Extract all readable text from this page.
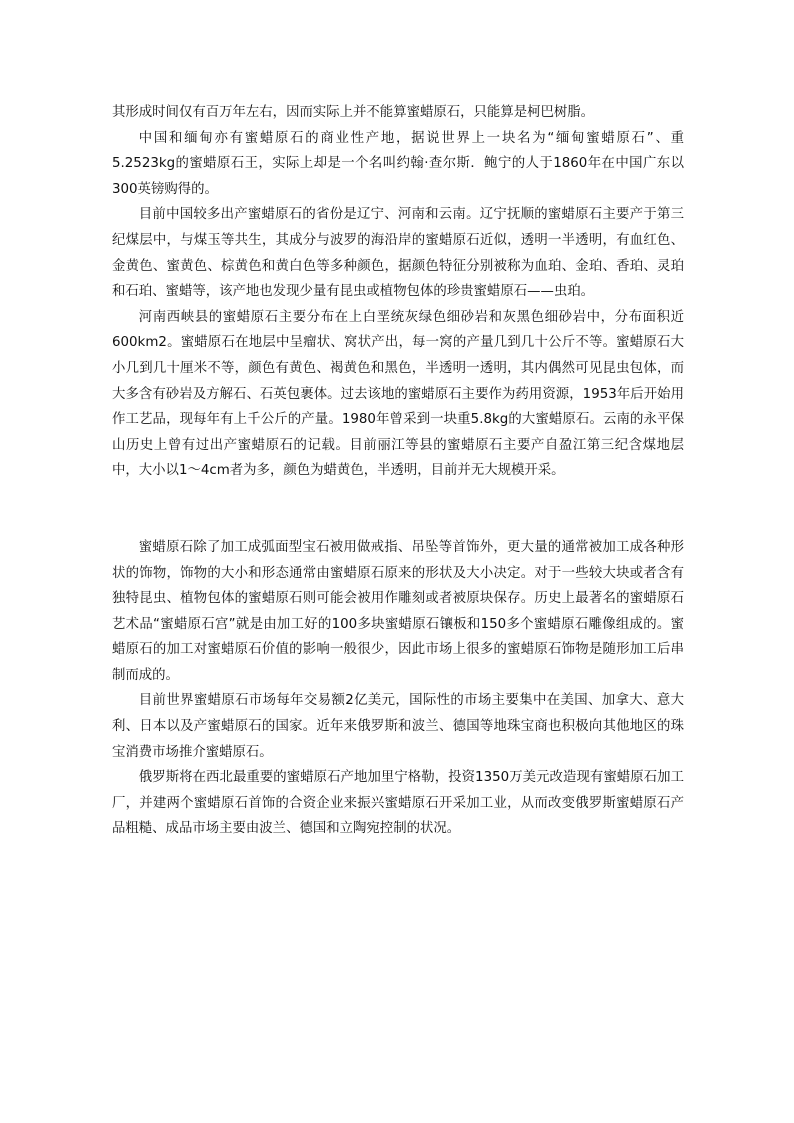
其形成时间仅有百万年左右，因而实际上并不能算蜜蜡原石，只能算是柯巴树脂。

中国和缅甸亦有蜜蜡原石的商业性产地，据说世界上一块名为“缅甸蜜蜡原石”、重5.2523kg的蜜蜡原石王，实际上却是一个名叫约翰·查尔斯．鲍宁的人于1860年在中国广东以300英镑购得的。

目前中国较多出产蜜蜡原石的省份是辽宁、河南和云南。辽宁抚顺的蜜蜡原石主要产于第三纪煤层中，与煤玉等共生，其成分与波罗的海沿岸的蜜蜡原石近似，透明一半透明，有血红色、金黄色、蜜黄色、棕黄色和黄白色等多种颜色，据颜色特征分别被称为血珀、金珀、香珀、灵珀和石珀、蜜蜡等，该产地也发现少量有昆虫或植物包体的珍贵蜜蜡原石——虫珀。

河南西峡县的蜜蜡原石主要分布在上白垩统灰绿色细砂岩和灰黑色细砂岩中，分布面积近600km2。蜜蜡原石在地层中呈瘤状、窝状产出，每一窝的产量几到几十公斤不等。蜜蜡原石大小几到几十厘米不等，颜色有黄色、褐黄色和黑色，半透明一透明，其内偶然可见昆虫包体，而大多含有砂岩及方解石、石英包裹体。过去该地的蜜蜡原石主要作为药用资源，1953年后开始用作工艺品，现每年有上千公斤的产量。1980年曾采到一块重5.8kg的大蜜蜡原石。云南的永平保山历史上曾有过出产蜜蜡原石的记载。目前丽江等县的蜜蜡原石主要产自盈江第三纪含煤地层中，大小以1～4cm者为多，颜色为蜡黄色，半透明，目前并无大规模开采。

蜜蜡原石除了加工成弧面型宝石被用做戒指、吊坠等首饰外，更大量的通常被加工成各种形状的饰物，饰物的大小和形态通常由蜜蜡原石原来的形状及大小决定。对于一些较大块或者含有独特昆虫、植物包体的蜜蜡原石则可能会被用作雕刻或者被原块保存。历史上最著名的蜜蜡原石艺术品“蜜蜡原石宫”就是由加工好的100多块蜜蜡原石镶板和150多个蜜蜡原石雕像组成的。蜜蜡原石的加工对蜜蜡原石价值的影响一般很少，因此市场上很多的蜜蜡原石饰物是随形加工后串制而成的。

目前世界蜜蜡原石市场每年交易额2亿美元，国际性的市场主要集中在美国、加拿大、意大利、日本以及产蜜蜡原石的国家。近年来俄罗斯和波兰、德国等地珠宝商也积极向其他地区的珠宝消费市场推介蜜蜡原石。

俄罗斯将在西北最重要的蜜蜡原石产地加里宁格勒，投资1350万美元改造现有蜜蜡原石加工厂，并建两个蜜蜡原石首饰的合资企业来振兴蜜蜡原石开采加工业，从而改变俄罗斯蜜蜡原石产品粗糙、成品市场主要由波兰、德国和立陶宛控制的状况。
